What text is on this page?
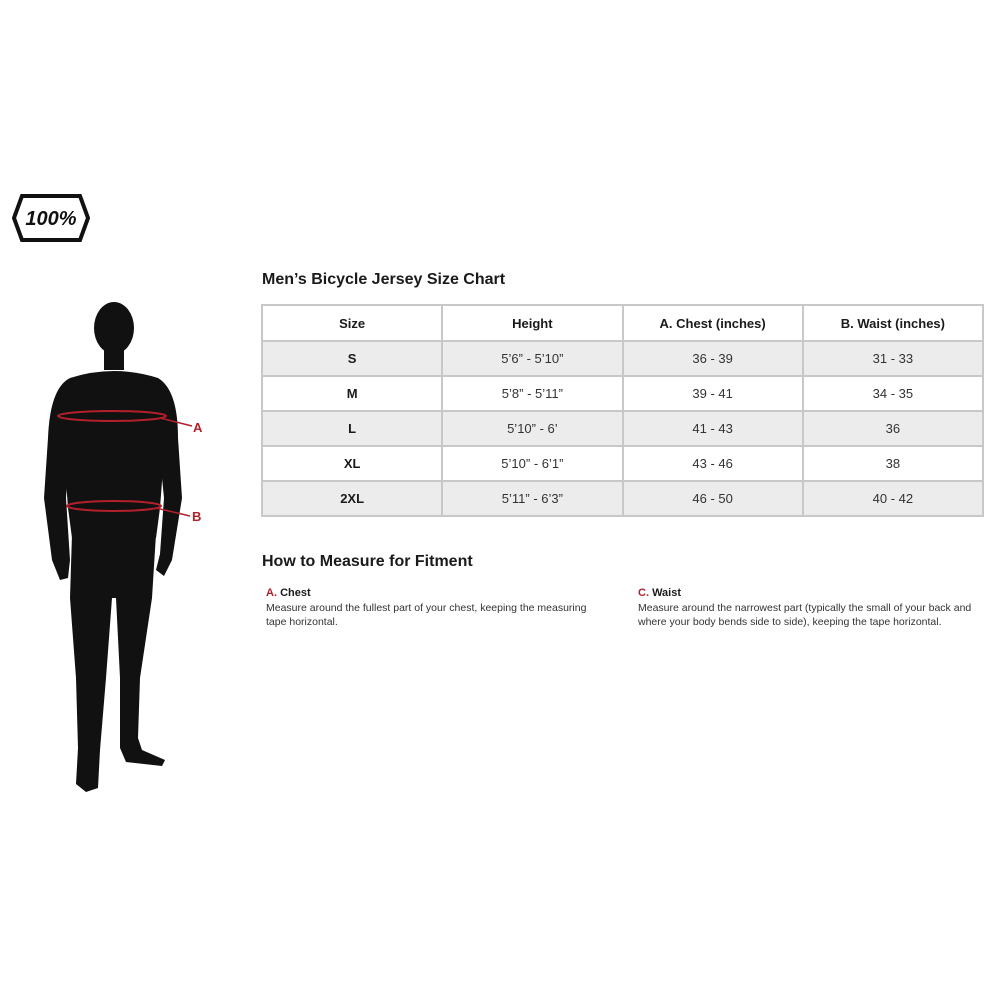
100%
A
B
Men’s Bicycle Jersey Size Chart
Size	Height	A. Chest (inches)	B. Waist (inches)
S	5’6” - 5’10”	36 - 39	31 - 33
M	5’8” - 5’11”	39 - 41	34 - 35
L	5’10” - 6’	41 - 43	36
XL	5’10” - 6’1”	43 - 46	38
2XL	5’11” - 6’3”	46 - 50	40 - 42
How to Measure for Fitment
A. Chest
Measure around the fullest part of your chest, keeping the measuring tape horizontal.
C. Waist
Measure around the narrowest part (typically the small of your back and where your body bends side to side), keeping the tape horizontal.
